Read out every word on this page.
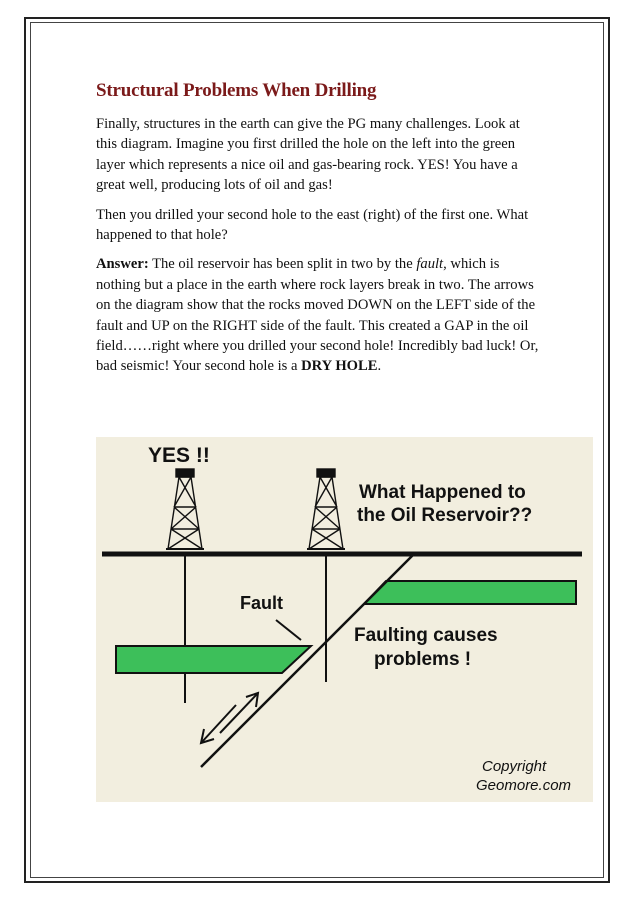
Structural Problems When Drilling

Finally, structures in the earth can give the PG many challenges. Look at this diagram. Imagine you first drilled the hole on the left into the green layer which represents a nice oil and gas-bearing rock. YES! You have a great well, producing lots of oil and gas!

Then you drilled your second hole to the east (right) of the first one. What happened to that hole?

Answer: The oil reservoir has been split in two by the fault, which is nothing but a place in the earth where rock layers break in two. The arrows on the diagram show that the rocks moved DOWN on the LEFT side of the fault and UP on the RIGHT side of the fault. This created a GAP in the oil field……right where you drilled your second hole! Incredibly bad luck! Or, bad seismic! Your second hole is a DRY HOLE.

YES !!
What Happened to
the Oil Reservoir??
Fault
Faulting causes
problems !
Copyright
Geomore.com
